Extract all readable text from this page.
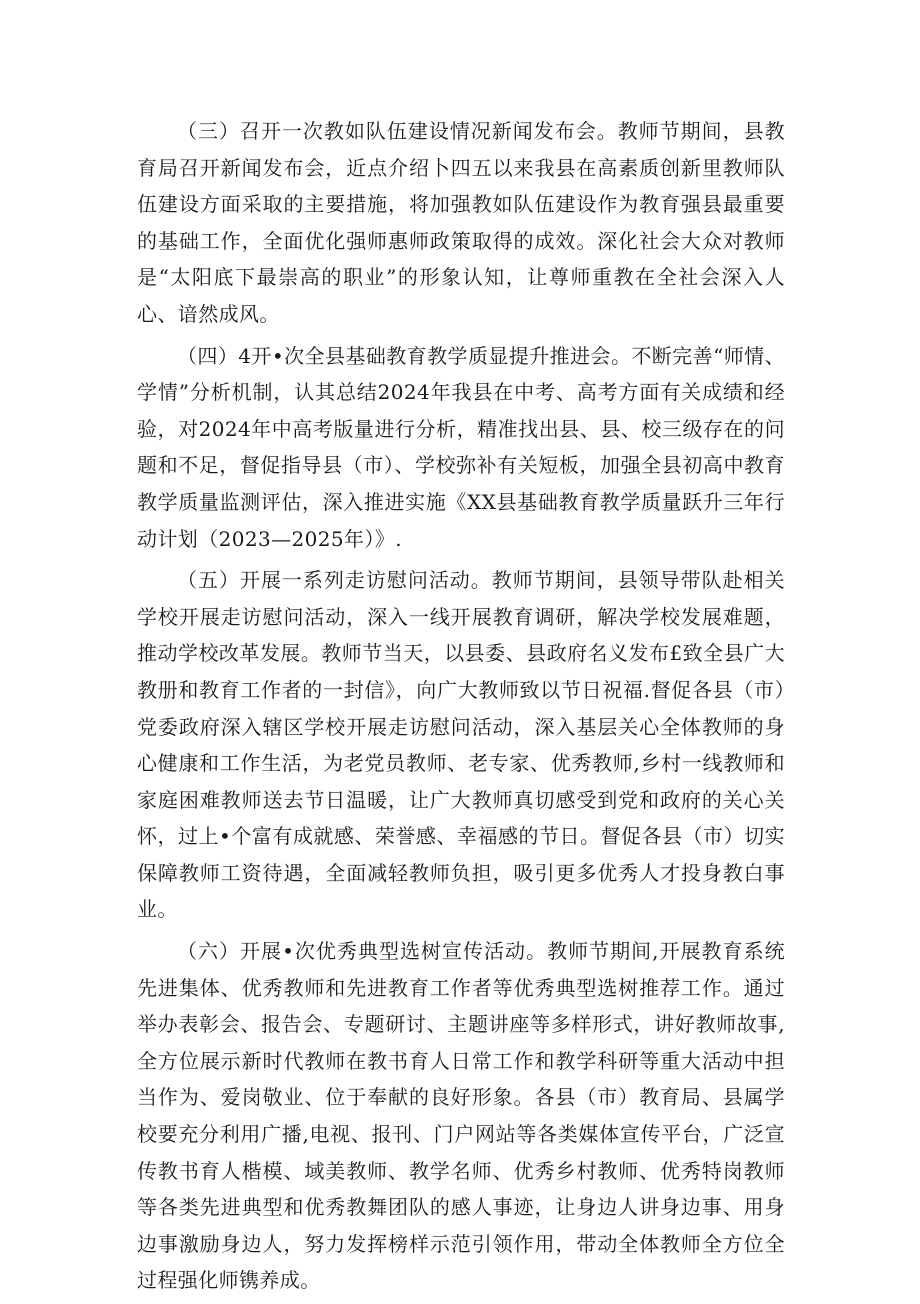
（三）召开一次教如队伍建设情况新闻发布会。教师节期间，县教育局召开新闻发布会，近点介绍卜四五以来我县在高素质创新里教师队伍建设方面采取的主要措施，将加强教如队伍建设作为教育强县最重要的基础工作，全面优化强师惠师政策取得的成效。深化社会大众对教师是“太阳底下最崇高的职业”的形象认知，让尊师重教在全社会深入人心、谙然成风。

（四）4开•次全县基础教育教学质显提升推进会。不断完善“师情、学情”分析机制，认其总结2024年我县在中考、高考方面有关成绩和经验，对2024年中高考版量进行分析，精准找出县、县、校三级存在的问题和不足，督促指导县（市）、学校弥补有关短板，加强全县初高中教育教学质量监测评估，深入推进实施《XX县基础教育教学质量跃升三年行动计划（2023—2025年）》.

（五）开展一系列走访慰问活动。教师节期间，县领导带队赴相关学校开展走访慰问活动，深入一线开展教育调研，解决学校发展难题，推动学校改革发展。教师节当天，以县委、县政府名义发布£致全县广大教册和教育工作者的一封信》，向广大教师致以节日祝福.督促各县（市）党委政府深入辖区学校开展走访慰问活动，深入基层关心全体教师的身心健康和工作生活，为老党员教师、老专家、优秀教师,乡村一线教师和家庭困难教师送去节日温暖，让广大教师真切感受到党和政府的关心关怀，过上•个富有成就感、荣誉感、幸福感的节日。督促各县（市）切实保障教师工资待遇，全面减轻教师负担，吸引更多优秀人才投身教白事业。

（六）开展•次优秀典型选树宣传活动。教师节期间,开展教育系统先进集体、优秀教师和先进教育工作者等优秀典型选树推荐工作。通过举办表彰会、报告会、专题研讨、主题讲座等多样形式，讲好教师故事,全方位展示新时代教师在教书育人日常工作和教学科研等重大活动中担当作为、爱岗敬业、位于奉献的良好形象。各县（市）教育局、县属学校要充分利用广播,电视、报刊、门户网站等各类媒体宣传平台，广泛宣传教书育人楷模、域美教师、教学名师、优秀乡村教师、优秀特岗教师等各类先进典型和优秀教舞团队的感人事迹，让身边人讲身边事、用身边事激励身边人，努力发挥榜样示范引领作用，带动全体教师全方位全过程强化师镌养成。
